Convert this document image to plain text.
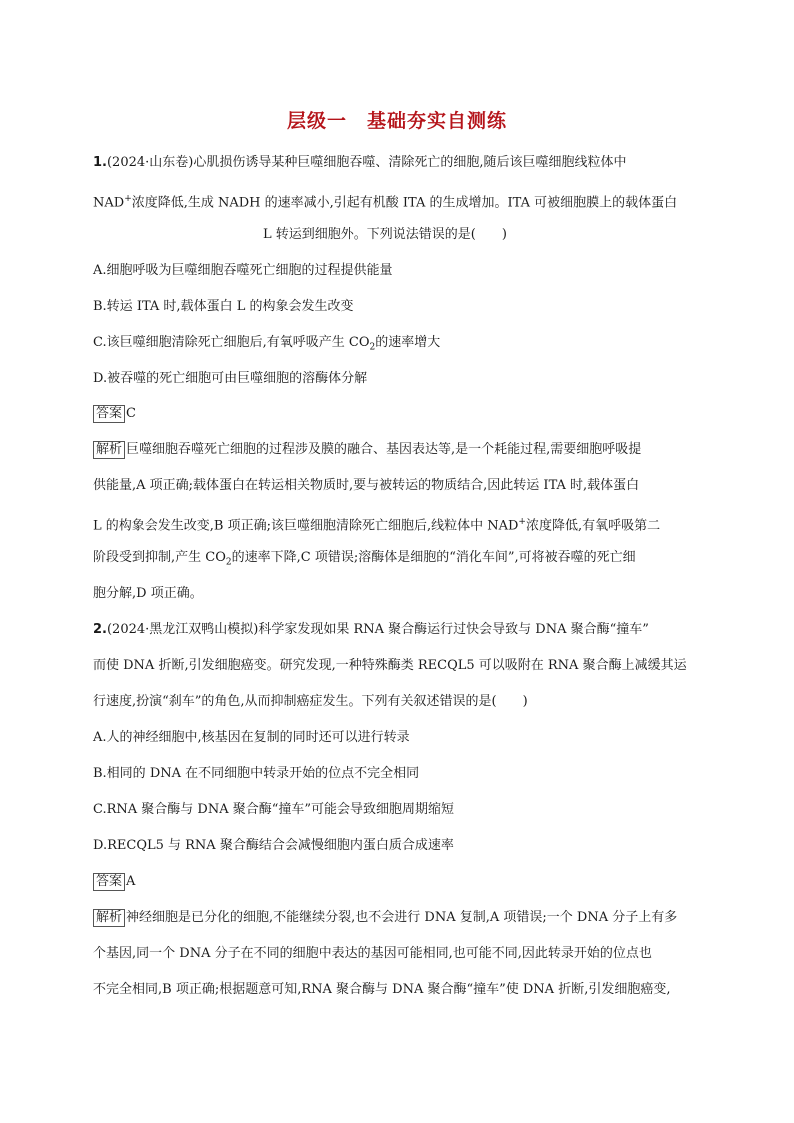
层级一　基础夯实自测练
1.(2024·山东卷)心肌损伤诱导某种巨噬细胞吞噬、清除死亡的细胞,随后该巨噬细胞线粒体中
NAD+浓度降低,生成 NADH 的速率减小,引起有机酸 ITA 的生成增加。ITA 可被细胞膜上的载体蛋白
L 转运到细胞外。下列说法错误的是(　　)
A.细胞呼吸为巨噬细胞吞噬死亡细胞的过程提供能量
B.转运 ITA 时,载体蛋白 L 的构象会发生改变
C.该巨噬细胞清除死亡细胞后,有氧呼吸产生 $CO_2$的速率增大
D.被吞噬的死亡细胞可由巨噬细胞的溶酶体分解
答案 C
解析 巨噬细胞吞噬死亡细胞的过程涉及膜的融合、基因表达等,是一个耗能过程,需要细胞呼吸提
供能量,A 项正确;载体蛋白在转运相关物质时,要与被转运的物质结合,因此转运 ITA 时,载体蛋白
L 的构象会发生改变,B 项正确;该巨噬细胞清除死亡细胞后,线粒体中 NAD+浓度降低,有氧呼吸第二
阶段受到抑制,产生 $CO_2$的速率下降,C 项错误;溶酶体是细胞的“消化车间”,可将被吞噬的死亡细
胞分解,D 项正确。
2.(2024·黑龙江双鸭山模拟)科学家发现如果 RNA 聚合酶运行过快会导致与 DNA 聚合酶“撞车”
而使 DNA 折断,引发细胞癌变。研究发现,一种特殊酶类 RECQL5 可以吸附在 RNA 聚合酶上减缓其运
行速度,扮演“刹车”的角色,从而抑制癌症发生。下列有关叙述错误的是(　　)
A.人的神经细胞中,核基因在复制的同时还可以进行转录
B.相同的 DNA 在不同细胞中转录开始的位点不完全相同
C.RNA 聚合酶与 DNA 聚合酶“撞车”可能会导致细胞周期缩短
D.RECQL5 与 RNA 聚合酶结合会减慢细胞内蛋白质合成速率
答案 A
解析 神经细胞是已分化的细胞,不能继续分裂,也不会进行 DNA 复制,A 项错误;一个 DNA 分子上有多
个基因,同一个 DNA 分子在不同的细胞中表达的基因可能相同,也可能不同,因此转录开始的位点也
不完全相同,B 项正确;根据题意可知,RNA 聚合酶与 DNA 聚合酶“撞车”使 DNA 折断,引发细胞癌变,
